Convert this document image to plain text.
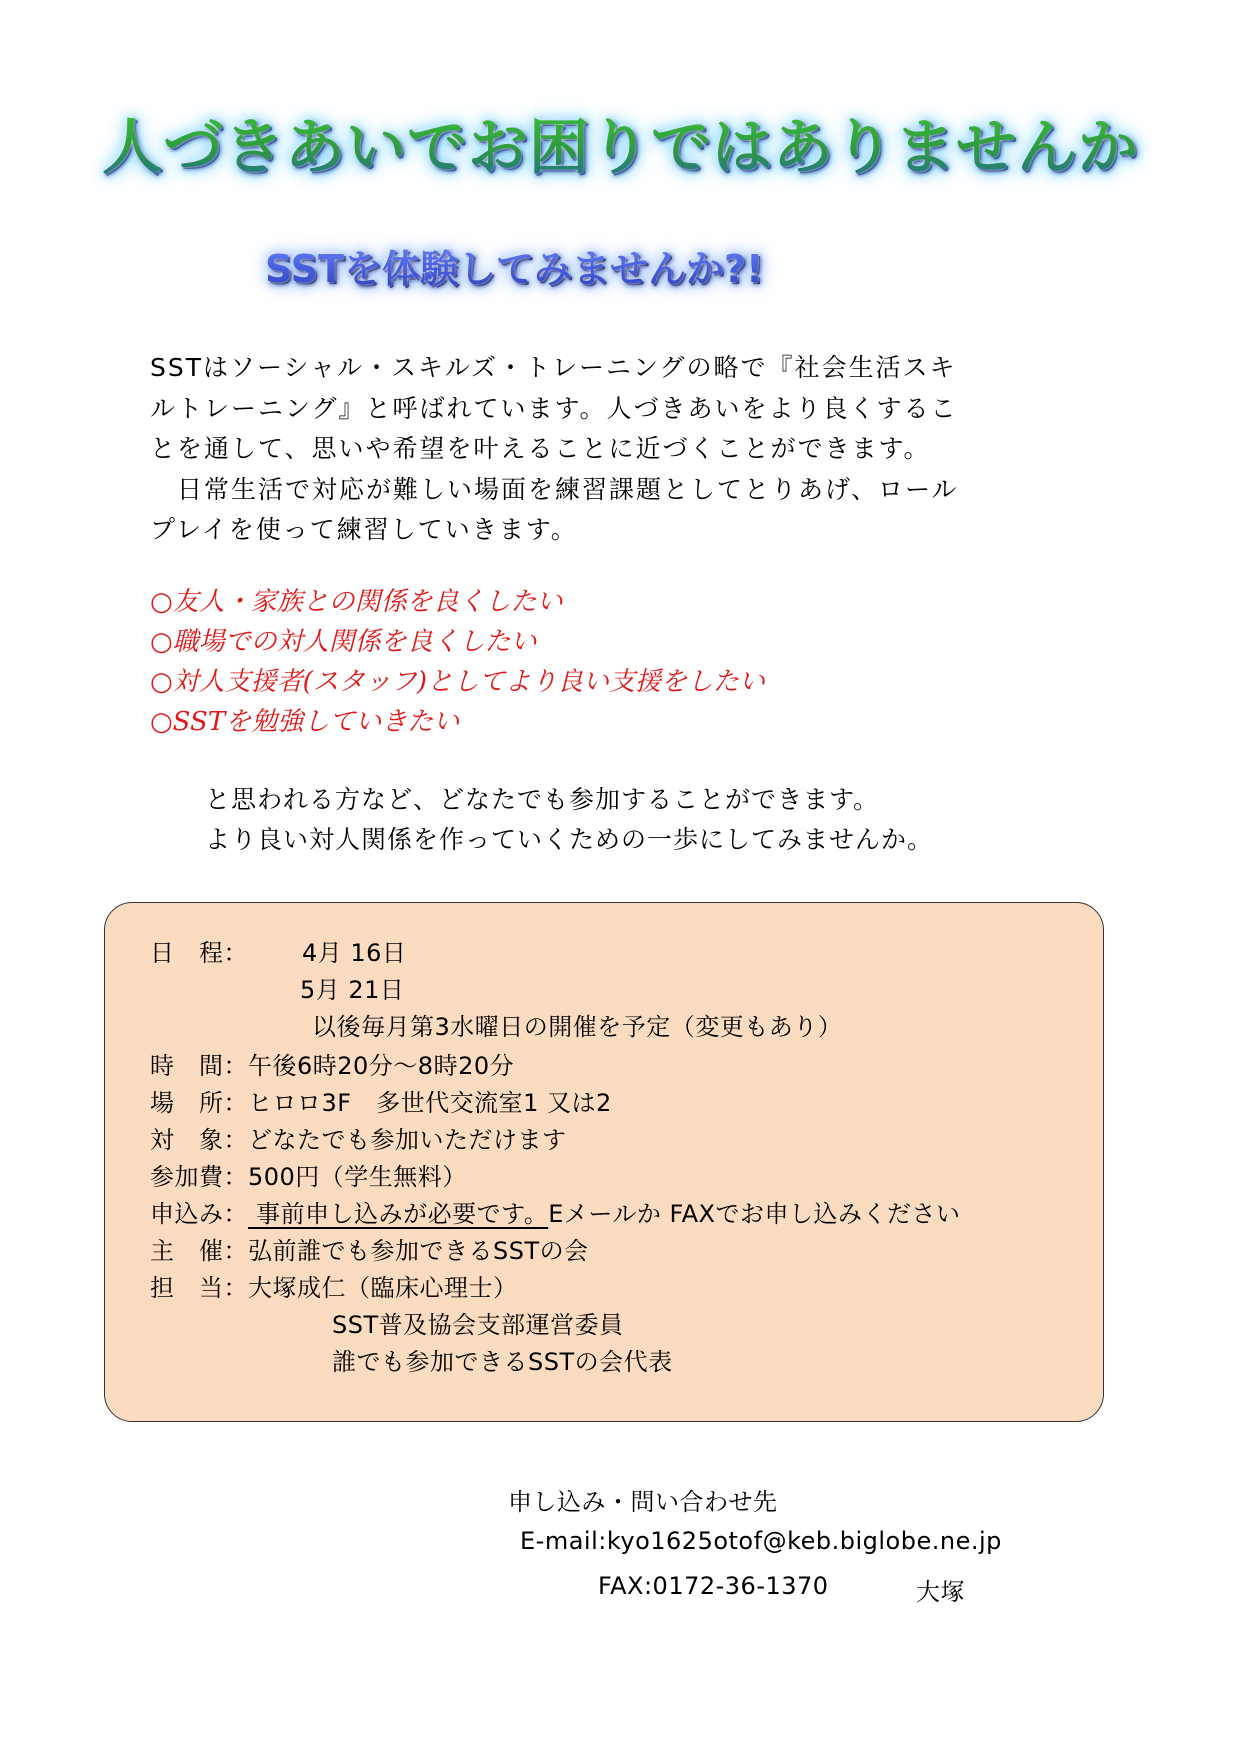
人づきあいでお困りではありませんか
SSTを体験してみませんか?!
SSTはソーシャル・スキルズ・トレーニングの略で『社会生活スキ
ルトレーニング』と呼ばれています。人づきあいをより良くするこ
とを通して、思いや希望を叶えることに近づくことができます。
　日常生活で対応が難しい場面を練習課題としてとりあげ、ロール
プレイを使って練習していきます。
○友人・家族との関係を良くしたい
○職場での対人関係を良くしたい
○対人支援者(スタッフ)としてより良い支援をしたい
○SSTを勉強していきたい
と思われる方など、どなたでも参加することができます。
より良い対人関係を作っていくための一歩にしてみませんか。
日　程： 4月 16日
5月 21日
以後毎月第3水曜日の開催を予定（変更もあり）
時　間：午後6時20分～8時20分
場　所：ヒロロ3F　多世代交流室1 又は2
対　象：どなたでも参加いただけます
参加費：500円（学生無料）
申込み： 事前申し込みが必要です。Eメールか FAXでお申し込みください
主　催：弘前誰でも参加できるSSTの会
担　当：大塚成仁（臨床心理士）
SST普及協会支部運営委員
誰でも参加できるSSTの会代表
申し込み・問い合わせ先
E-mail:kyo1625otof@keb.biglobe.ne.jp
FAX:0172-36-1370	大塚
